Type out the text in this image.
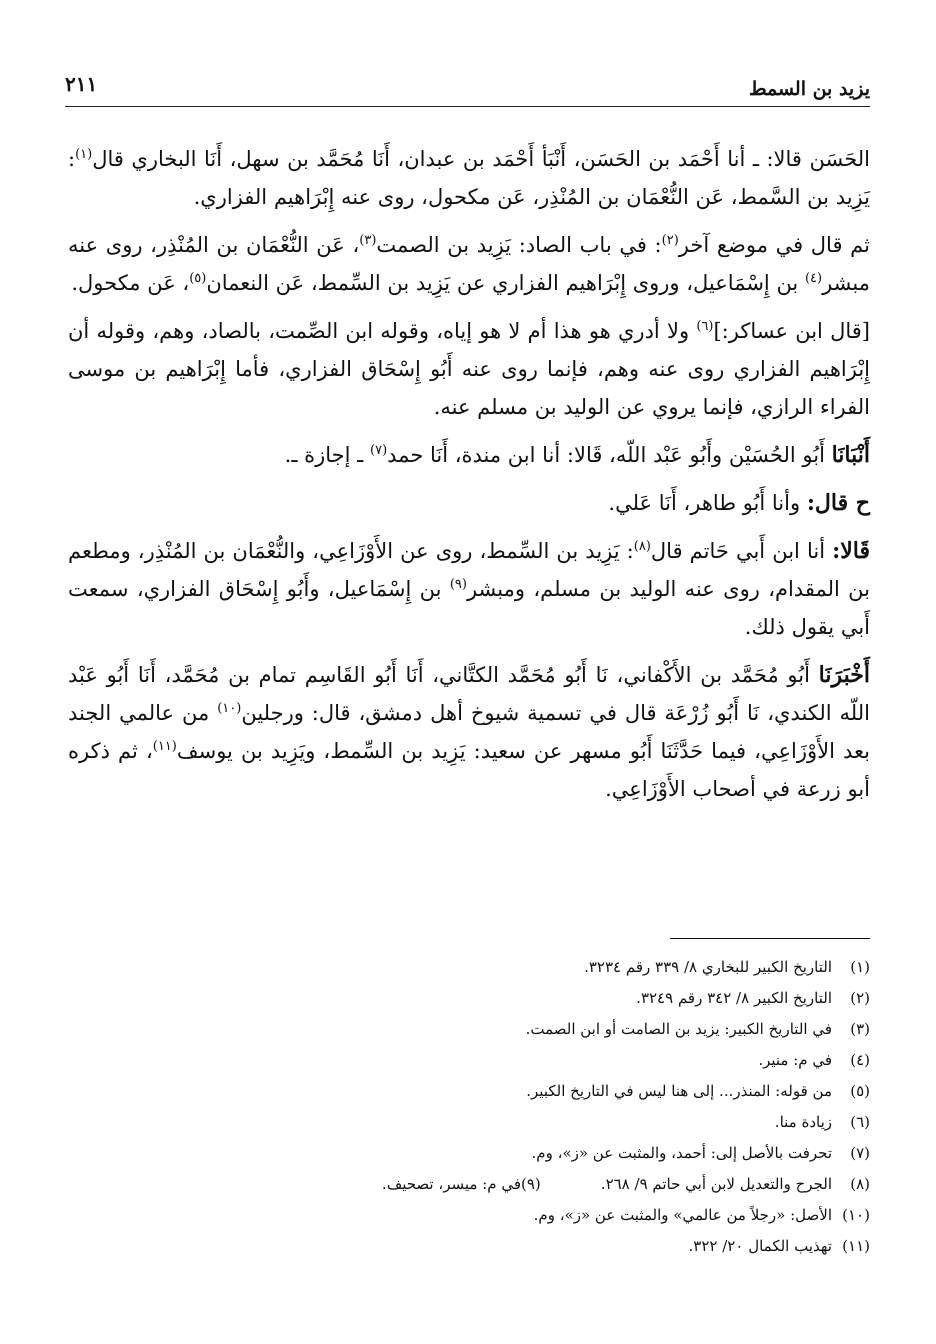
يزيد بن السمط
٢١١

الحَسَن قالا: ـ أنا أَحْمَد بن الحَسَن، أَنْبَأ أَحْمَد بن عبدان، أَنَا مُحَمَّد بن سهل، أَنَا البخاري قال$^{(١)}$: يَزِيد بن السَّمط، عَن النُّعْمَان بن المُنْذِر، عَن مكحول، روى عنه إِبْرَاهيم الفزاري.

ثم قال في موضع آخر$^{(٢)}$: في باب الصاد: يَزِيد بن الصمت$^{(٣)}$، عَن النُّعْمَان بن المُنْذِر، روى عنه مبشر$^{(٤)}$ بن إِسْمَاعيل، وروى إِبْرَاهيم الفزاري عن يَزِيد بن السِّمط، عَن النعمان$^{(٥)}$، عَن مكحول.

[قال ابن عساكر:]$^{(٦)}$ ولا أدري هو هذا أم لا هو إياه، وقوله ابن الصِّمت، بالصاد، وهم، وقوله أن إِبْرَاهيم الفزاري روى عنه وهم، فإنما روى عنه أَبُو إِسْحَاق الفزاري، فأما إِبْرَاهيم بن موسى الفراء الرازي، فإنما يروي عن الوليد بن مسلم عنه.

أَنْبَانَا أَبُو الحُسَيْن وأَبُو عَبْد اللّه، قَالا: أنا ابن مندة، أَنَا حمد$^{(٧)}$ ـ إجازة ـ.

ح قال: وأنا أَبُو طاهر، أَنَا عَلي.

قَالا: أنا ابن أَبي حَاتم قال$^{(٨)}$: يَزِيد بن السِّمط، روى عن الأَوْزَاعِي، والنُّعْمَان بن المُنْذِر، ومطعم بن المقدام، روى عنه الوليد بن مسلم، ومبشر$^{(٩)}$ بن إِسْمَاعيل، وأَبُو إِسْحَاق الفزاري، سمعت أَبي يقول ذلك.

أَخْبَرَنَا أَبُو مُحَمَّد بن الأَكْفاني، نَا أَبُو مُحَمَّد الكتَّاني، أَنَا أَبُو القَاسِم تمام بن مُحَمَّد، أَنَا أَبُو عَبْد اللّه الكندي، نَا أَبُو زُرْعَة قال في تسمية شيوخ أهل دمشق، قال: ورجلين$^{(١٠)}$ من عالمي الجند بعد الأَوْزَاعِي، فيما حَدَّثَنَا أَبُو مسهر عن سعيد: يَزِيد بن السِّمط، ويَزِيد بن يوسف$^{(١١)}$، ثم ذكره أبو زرعة في أصحاب الأَوْزَاعِي.

(١)التاريخ الكبير للبخاري ٨/ ٣٣٩ رقم ٣٢٣٤.
(٢)التاريخ الكبير ٨/ ٣٤٢ رقم ٣٢٤٩.
(٣)في التاريخ الكبير: يزيد بن الصامت أو ابن الصمت.
(٤)في م: منير.
(٥)من قوله: المنذر... إلى هنا ليس في التاريخ الكبير.
(٦)زيادة منا.
(٧)تحرفت بالأصل إلى: أحمد، والمثبت عن «ز»، وم.
(٨)الجرح والتعديل لابن أبي حاتم ٩/ ٢٦٨.(٩)في م: ميسر، تصحيف.
(١٠)الأصل: «رجلاً من عالمي» والمثبت عن «ز»، وم.
(١١)تهذيب الكمال ٢٠/ ٣٢٢.
